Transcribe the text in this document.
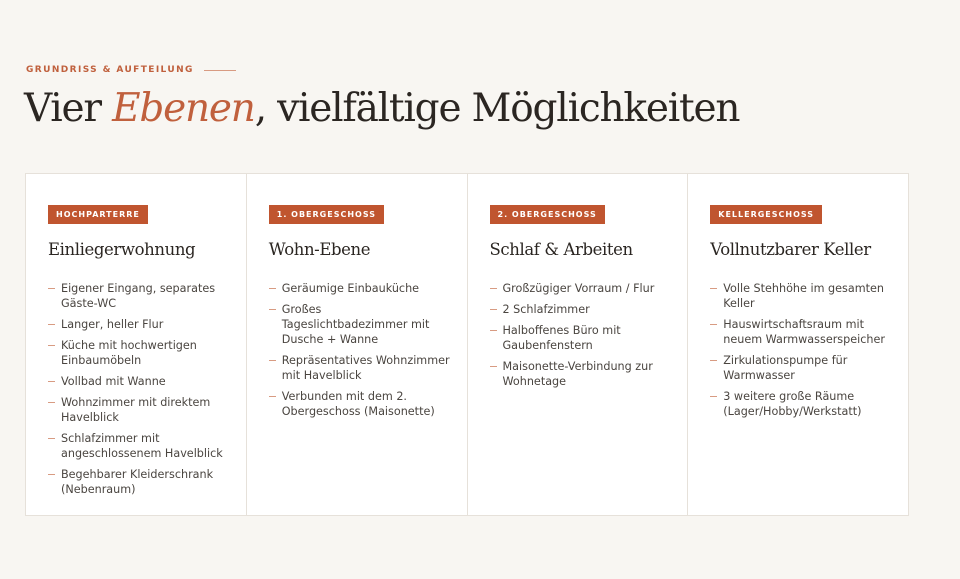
GRUNDRISS & AUFTEILUNG
Vier Ebenen, vielfältige Möglichkeiten
HOCHPARTERRE
Einliegerwohnung
Eigener Eingang, separates Gäste-WC
Langer, heller Flur
Küche mit hochwertigen Einbaumöbeln
Vollbad mit Wanne
Wohnzimmer mit direktem Havelblick
Schlafzimmer mit angeschlossenem Havelblick
Begehbarer Kleiderschrank (Nebenraum)
1. OBERGESCHOSS
Wohn-Ebene
Geräumige Einbauküche
Großes Tageslichtbadezimmer mit Dusche + Wanne
Repräsentatives Wohnzimmer mit Havelblick
Verbunden mit dem 2. Obergeschoss (Maisonette)
2. OBERGESCHOSS
Schlaf & Arbeiten
Großzügiger Vorraum / Flur
2 Schlafzimmer
Halboffenes Büro mit Gaubenfenstern
Maisonette-Verbindung zur Wohnetage
KELLERGESCHOSS
Vollnutzbarer Keller
Volle Stehhöhe im gesamten Keller
Hauswirtschaftsraum mit neuem Warmwasserspeicher
Zirkulationspumpe für Warmwasser
3 weitere große Räume (Lager/Hobby/Werkstatt)
